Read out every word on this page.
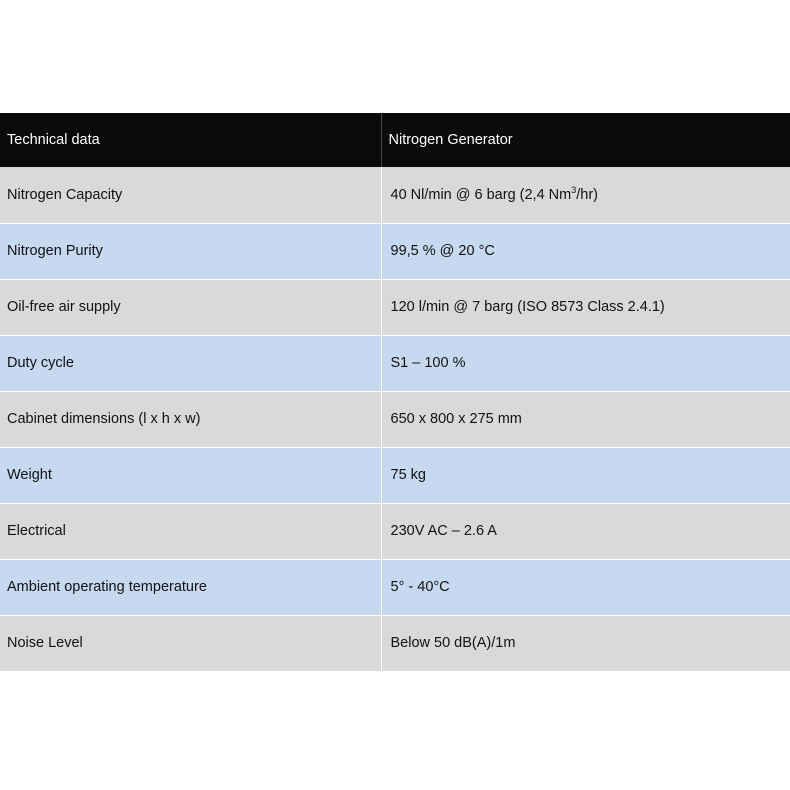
Technical data	Nitrogen Generator
Nitrogen Capacity	40 Nl/min @ 6 barg (2,4 Nm$^3$/hr)
Nitrogen Purity	99,5 % @ 20 °C
Oil-free air supply	120 l/min @ 7 barg (ISO 8573 Class 2.4.1)
Duty cycle	S1 – 100 %
Cabinet dimensions (l x h x w)	650 x 800 x 275 mm
Weight	75 kg
Electrical	230V AC – 2.6 A
Ambient operating temperature	5° - 40°C
Noise Level	Below 50 dB(A)/1m
